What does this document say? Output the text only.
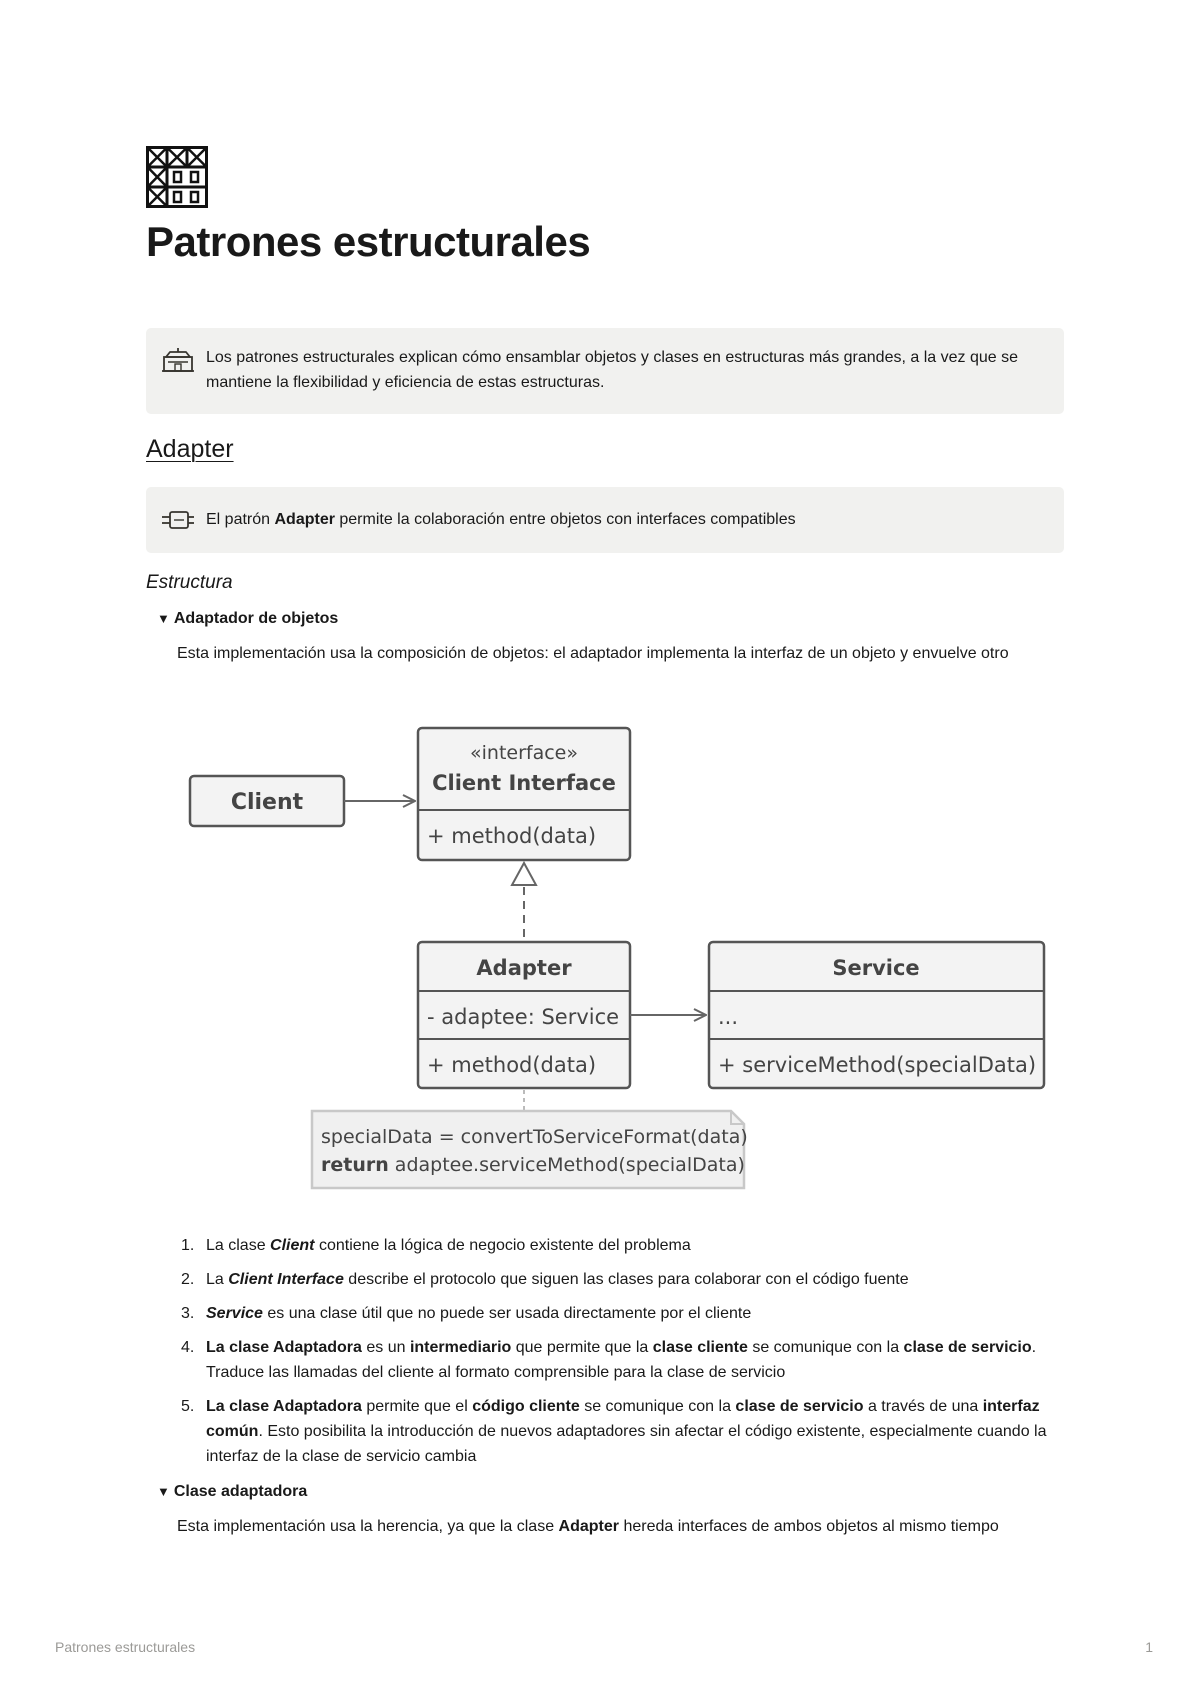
Patrones estructurales
Los patrones estructurales explican cómo ensamblar objetos y clases en estructuras más grandes, a la vez que se mantiene la flexibilidad y eficiencia de estas estructuras.
Adapter
El patrón Adapter permite la colaboración entre objetos con interfaces compatibles
Estructura
▼ Adaptador de objetos

Esta implementación usa la composición de objetos: el adaptador implementa la interfaz de un objeto y envuelve otro

Client
«interface»
Client Interface
+ method(data)
Adapter
- adaptee: Service
+ method(data)
Service
...
+ serviceMethod(specialData)
specialData = convertToServiceFormat(data)
return adaptee.serviceMethod(specialData)
1. La clase Client contiene la lógica de negocio existente del problema
2. La Client Interface describe el protocolo que siguen las clases para colaborar con el código fuente
3. Service es una clase útil que no puede ser usada directamente por el cliente
4. La clase Adaptadora es un intermediario que permite que la clase cliente se comunique con la clase de servicio. Traduce las llamadas del cliente al formato comprensible para la clase de servicio
5. La clase Adaptadora permite que el código cliente se comunique con la clase de servicio a través de una interfaz común. Esto posibilita la introducción de nuevos adaptadores sin afectar el código existente, especialmente cuando la interfaz de la clase de servicio cambia
▼ Clase adaptadora

Esta implementación usa la herencia, ya que la clase Adapter hereda interfaces de ambos objetos al mismo tiempo

Patrones estructurales	1
